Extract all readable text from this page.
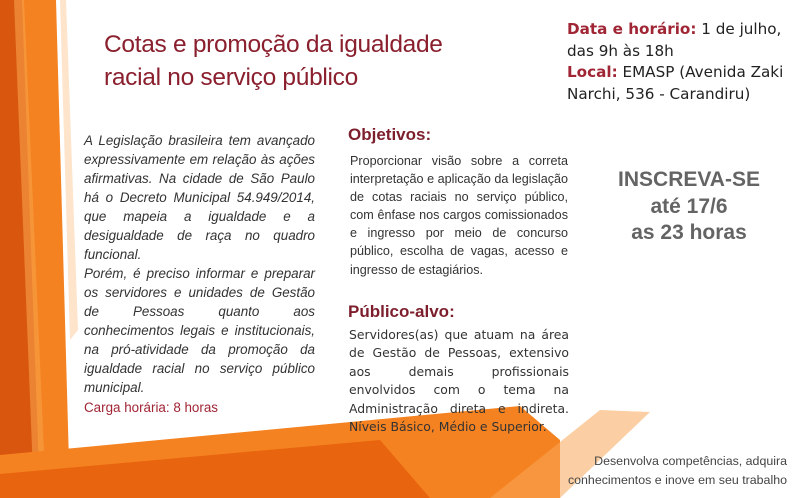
Cotas e promoção da igualdade
racial no serviço público
Data e horário: 1 de julho, das 9h às 18h
Local: EMASP (Avenida Zaki Narchi, 536 - Carandiru)

A Legislação brasileira tem avançado expressivamente em relação às ações afirmativas. Na cidade de São Paulo há o Decreto Municipal 54.949/2014, que mapeia a igualdade e a desigualdade de raça no quadro funcional.

Porém, é preciso informar e preparar os servidores e unidades de Gestão de Pessoas quanto aos conhecimentos legais e institucionais, na pró-atividade da promoção da igualdade racial no serviço público municipal.

Carga horária: 8 horas

Objetivos:

Proporcionar visão sobre a correta interpretação e aplicação da legislação de cotas raciais no serviço público, com ênfase nos cargos comissionados e ingresso por meio de concurso público, escolha de vagas, acesso e ingresso de estagiários.

Público-alvo:

Servidores(as) que atuam na área de Gestão de Pessoas, extensivo aos demais profissionais envolvidos com o tema na Administração direta e indireta. Níveis Básico, Médio e Superior.

INSCREVA-SE
até 17/6
as 23 horas
Desenvolva competências, adquira
conhecimentos e inove em seu trabalho
